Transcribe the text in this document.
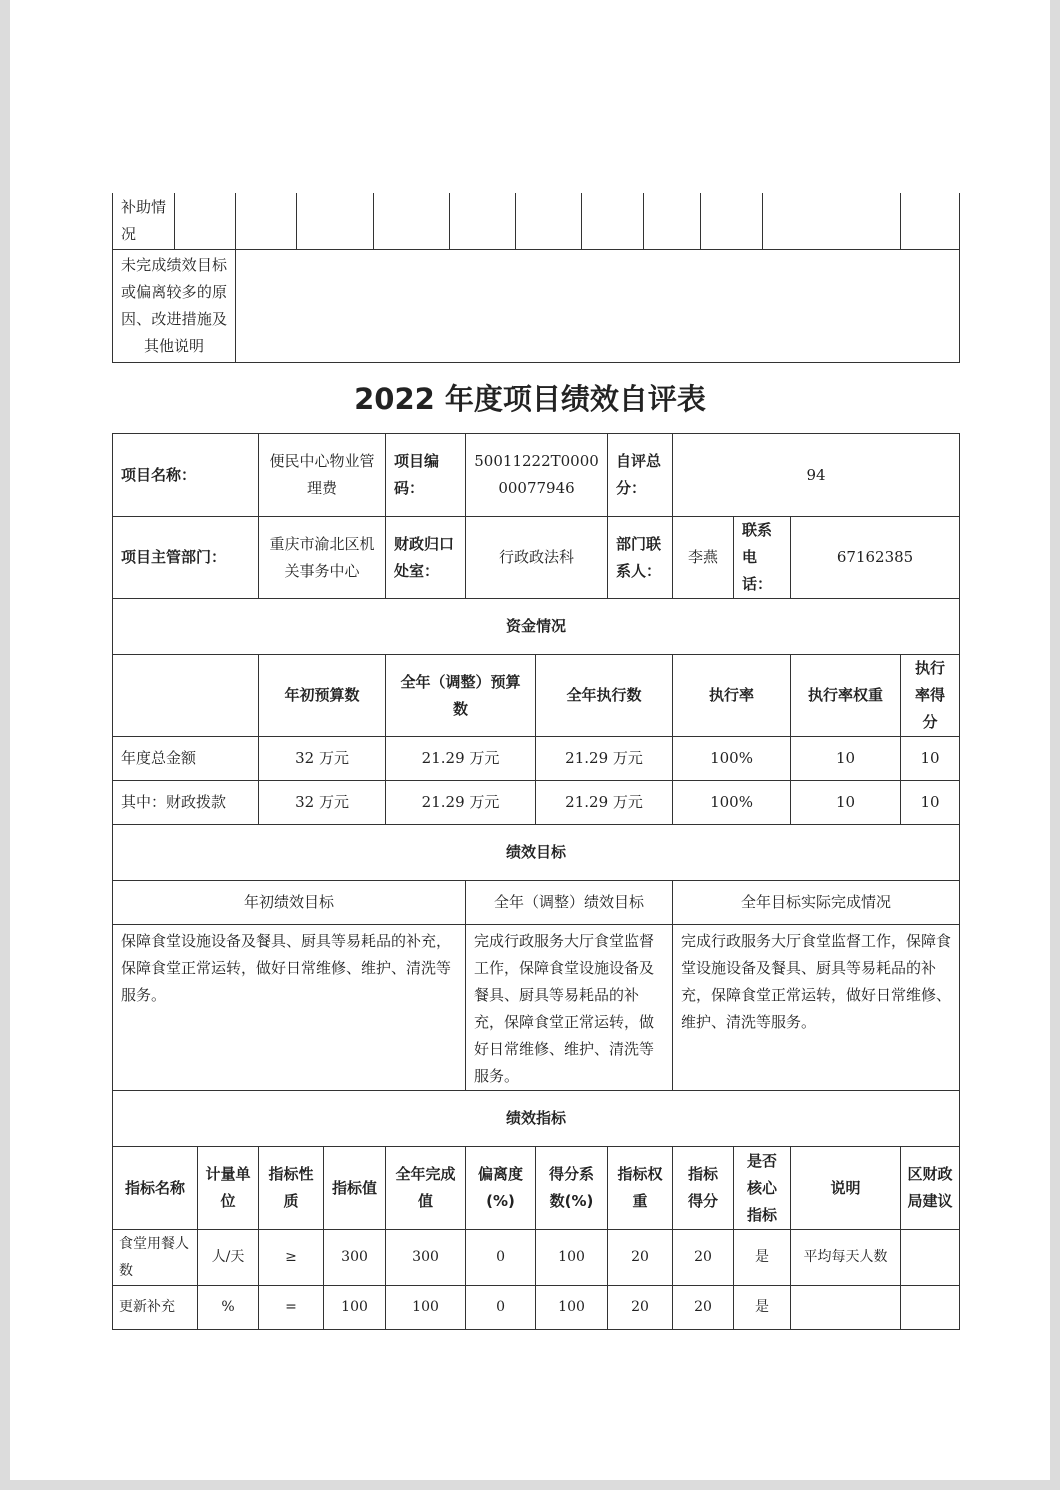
补助情况											
未完成绩效目标或偏离较多的原因、改进措施及其他说明											
2022 年度项目绩效自评表
项目名称：		便民中心物业管理费		项目编码：	50011222T000000077946		自评总分：	94			
项目主管部门：		重庆市渝北区机关事务中心		财政归口处室：	行政政法科		部门联系人：	李燕	联系电话：	67162385	
资金情况											
		年初预算数		全年（调整）预算数		全年执行数		执行率		执行率权重	执行率得分
年度总金额		32 万元		21.29 万元		21.29 万元		100%		10	10
其中：财政拨款		32 万元		21.29 万元		21.29 万元		100%		10	10
绩效目标											
年初绩效目标					全年（调整）绩效目标			全年目标实际完成情况			
保障食堂设施设备及餐具、厨具等易耗品的补充，保障食堂正常运转，做好日常维修、维护、清洗等服务。					完成行政服务大厅食堂监督工作，保障食堂设施设备及餐具、厨具等易耗品的补充，保障食堂正常运转，做好日常维修、维护、清洗等服务。			完成行政服务大厅食堂监督工作，保障食堂设施设备及餐具、厨具等易耗品的补充，保障食堂正常运转，做好日常维修、维护、清洗等服务。			
绩效指标											
指标名称	计量单位	指标性质	指标值	全年完成值	偏离度(%)	得分系数(%)	指标权重	指标得分	是否核心指标	说明	区财政局建议
食堂用餐人数	人/天	≥	300	300	0	100	20	20	是	平均每天人数	
更新补充	%	=	100	100	0	100	20	20	是		
